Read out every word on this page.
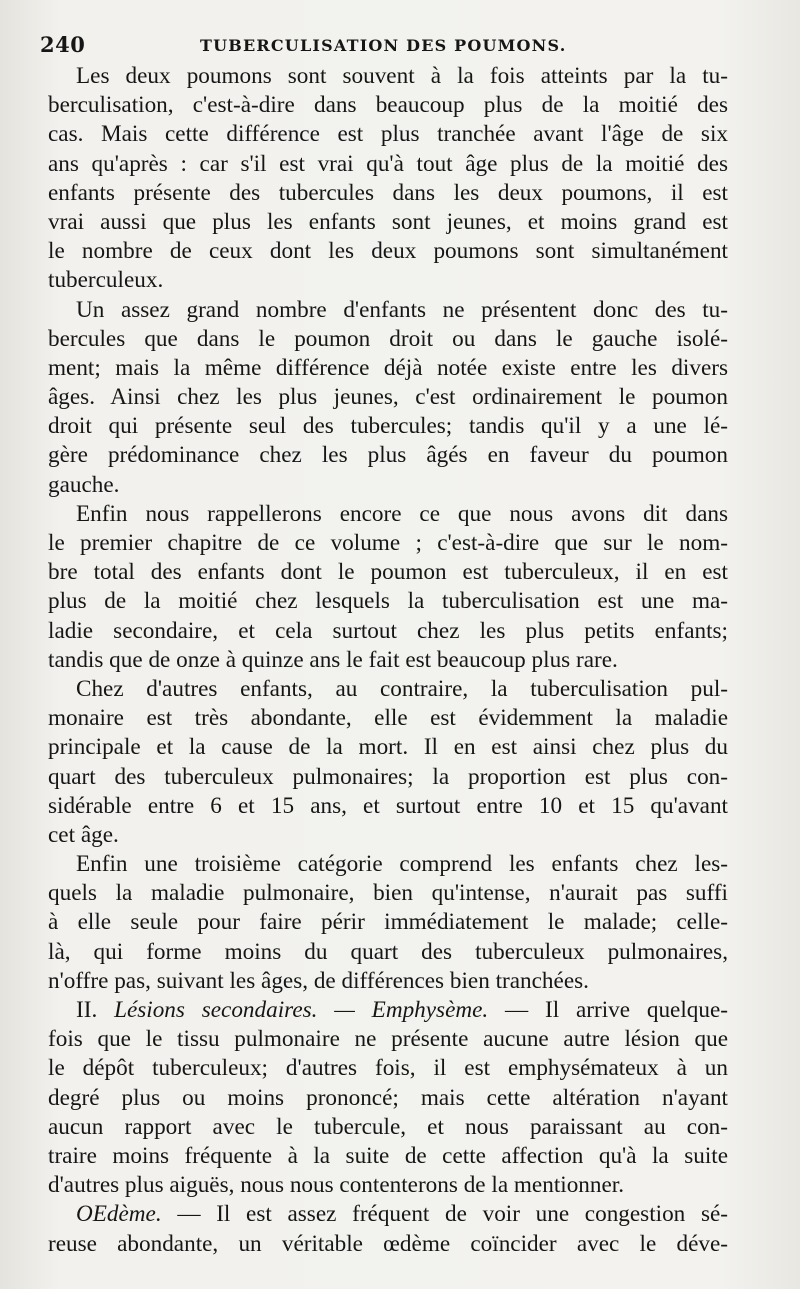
240	TUBERCULISATION DES POUMONS.
Les deux poumons sont souvent à la fois atteints par la tu-
berculisation, c'est-à-dire dans beaucoup plus de la moitié des
cas. Mais cette différence est plus tranchée avant l'âge de six
ans qu'après : car s'il est vrai qu'à tout âge plus de la moitié des
enfants présente des tubercules dans les deux poumons, il est
vrai aussi que plus les enfants sont jeunes, et moins grand est
le nombre de ceux dont les deux poumons sont simultanément
tuberculeux.
Un assez grand nombre d'enfants ne présentent donc des tu-
bercules que dans le poumon droit ou dans le gauche isolé-
ment; mais la même différence déjà notée existe entre les divers
âges. Ainsi chez les plus jeunes, c'est ordinairement le poumon
droit qui présente seul des tubercules; tandis qu'il y a une lé-
gère prédominance chez les plus âgés en faveur du poumon
gauche.
Enfin nous rappellerons encore ce que nous avons dit dans
le premier chapitre de ce volume ; c'est-à-dire que sur le nom-
bre total des enfants dont le poumon est tuberculeux, il en est
plus de la moitié chez lesquels la tuberculisation est une ma-
ladie secondaire, et cela surtout chez les plus petits enfants;
tandis que de onze à quinze ans le fait est beaucoup plus rare.
Chez d'autres enfants, au contraire, la tuberculisation pul-
monaire est très abondante, elle est évidemment la maladie
principale et la cause de la mort. Il en est ainsi chez plus du
quart des tuberculeux pulmonaires; la proportion est plus con-
sidérable entre 6 et 15 ans, et surtout entre 10 et 15 qu'avant
cet âge.
Enfin une troisième catégorie comprend les enfants chez les-
quels la maladie pulmonaire, bien qu'intense, n'aurait pas suffi
à elle seule pour faire périr immédiatement le malade; celle-
là, qui forme moins du quart des tuberculeux pulmonaires,
n'offre pas, suivant les âges, de différences bien tranchées.
II. Lésions secondaires. — Emphysème. — Il arrive quelque-
fois que le tissu pulmonaire ne présente aucune autre lésion que
le dépôt tuberculeux; d'autres fois, il est emphysémateux à un
degré plus ou moins prononcé; mais cette altération n'ayant
aucun rapport avec le tubercule, et nous paraissant au con-
traire moins fréquente à la suite de cette affection qu'à la suite
d'autres plus aiguës, nous nous contenterons de la mentionner.
OEdème. — Il est assez fréquent de voir une congestion sé-
reuse abondante, un véritable œdème coïncider avec le déve-
